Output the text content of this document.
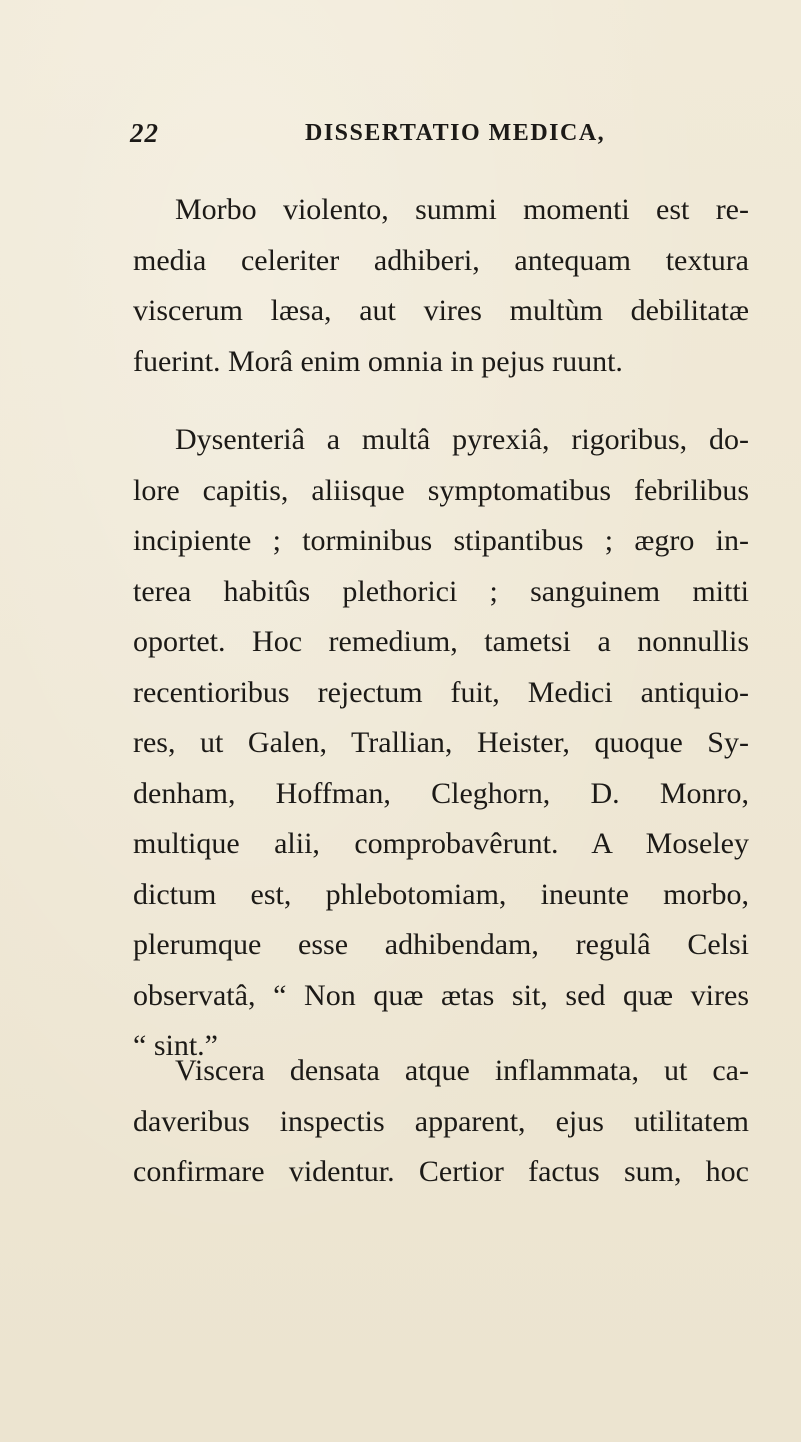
22	DISSERTATIO MEDICA,
Morbo violento, summi momenti est re-
media celeriter adhiberi, antequam textura
viscerum læsa, aut vires multùm debilitatæ
fuerint. Morâ enim omnia in pejus ruunt.
Dysenteriâ a multâ pyrexiâ, rigoribus, do-
lore capitis, aliisque symptomatibus febrilibus
incipiente ; torminibus stipantibus ; ægro in-
terea habitûs plethorici ; sanguinem mitti
oportet. Hoc remedium, tametsi a nonnullis
recentioribus rejectum fuit, Medici antiquio-
res, ut Galen, Trallian, Heister, quoque Sy-
denham, Hoffman, Cleghorn, D. Monro,
multique alii, comprobavêrunt. A Moseley
dictum est, phlebotomiam, ineunte morbo,
plerumque esse adhibendam, regulâ Celsi
observatâ, “ Non quæ ætas sit, sed quæ vires
“ sint.”
Viscera densata atque inflammata, ut ca-
daveribus inspectis apparent, ejus utilitatem
confirmare videntur. Certior factus sum, hoc
